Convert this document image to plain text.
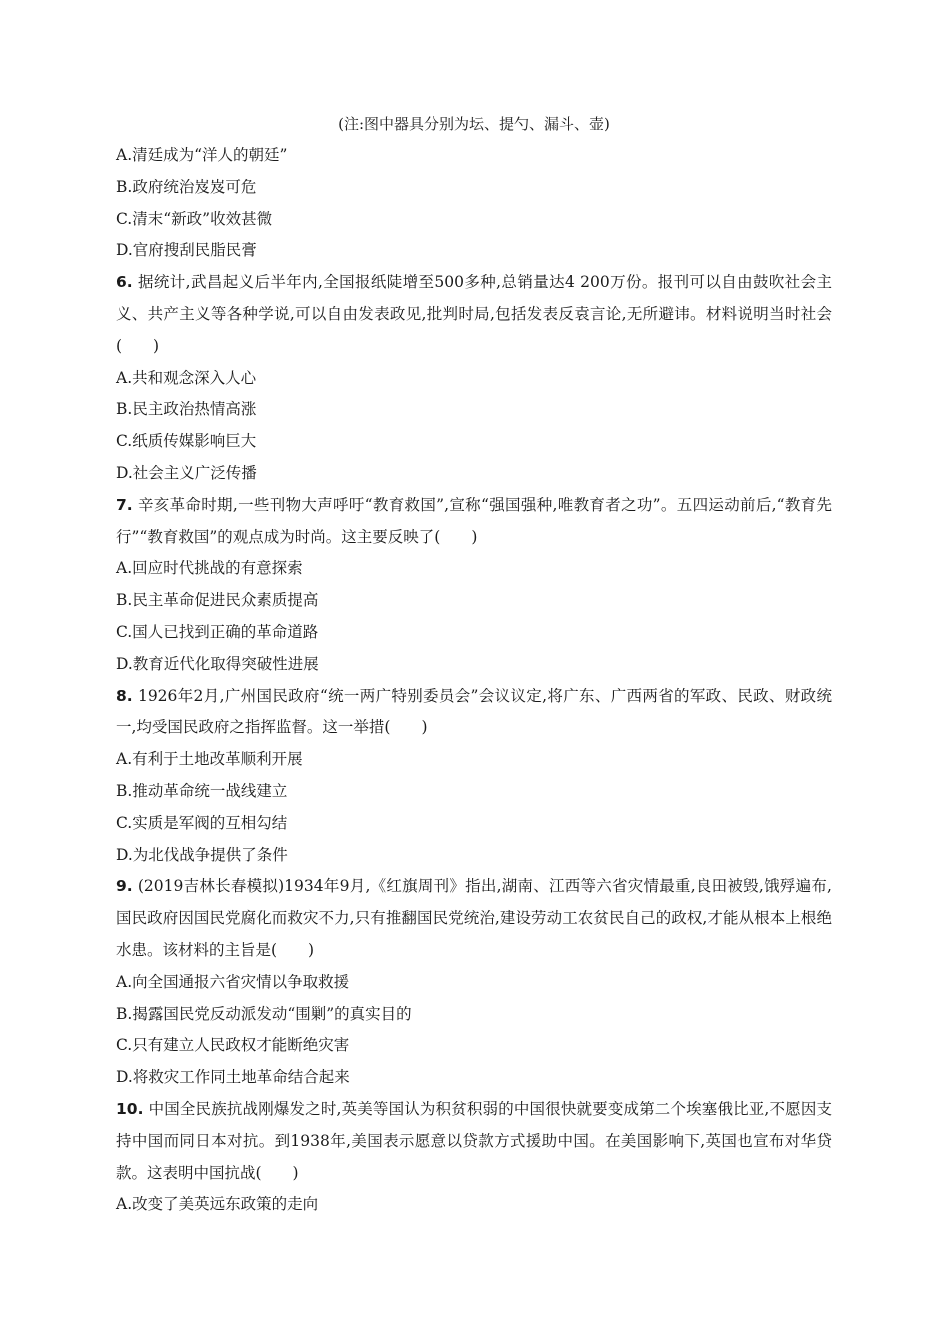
(注:图中器具分别为坛、提勺、漏斗、壶)
A.清廷成为“洋人的朝廷”
B.政府统治岌岌可危
C.清末“新政”收效甚微
D.官府搜刮民脂民膏
6. 据统计,武昌起义后半年内,全国报纸陡增至500多种,总销量达4 200万份。报刊可以自由鼓吹社会主义、共产主义等各种学说,可以自由发表政见,批判时局,包括发表反袁言论,无所避讳。材料说明当时社会(　　)
A.共和观念深入人心
B.民主政治热情高涨
C.纸质传媒影响巨大
D.社会主义广泛传播
7. 辛亥革命时期,一些刊物大声呼吁“教育救国”,宣称“强国强种,唯教育者之功”。五四运动前后,“教育先行”“教育救国”的观点成为时尚。这主要反映了(　　)
A.回应时代挑战的有意探索
B.民主革命促进民众素质提高
C.国人已找到正确的革命道路
D.教育近代化取得突破性进展
8. 1926年2月,广州国民政府“统一两广特别委员会”会议议定,将广东、广西两省的军政、民政、财政统一,均受国民政府之指挥监督。这一举措(　　)
A.有利于土地改革顺利开展
B.推动革命统一战线建立
C.实质是军阀的互相勾结
D.为北伐战争提供了条件
9. (2019吉林长春模拟)1934年9月,《红旗周刊》指出,湖南、江西等六省灾情最重,良田被毁,饿殍遍布,国民政府因国民党腐化而救灾不力,只有推翻国民党统治,建设劳动工农贫民自己的政权,才能从根本上根绝水患。该材料的主旨是(　　)
A.向全国通报六省灾情以争取救援
B.揭露国民党反动派发动“围剿”的真实目的
C.只有建立人民政权才能断绝灾害
D.将救灾工作同土地革命结合起来
10. 中国全民族抗战刚爆发之时,英美等国认为积贫积弱的中国很快就要变成第二个埃塞俄比亚,不愿因支持中国而同日本对抗。到1938年,美国表示愿意以贷款方式援助中国。在美国影响下,英国也宣布对华贷款。这表明中国抗战(　　)
A.改变了美英远东政策的走向
